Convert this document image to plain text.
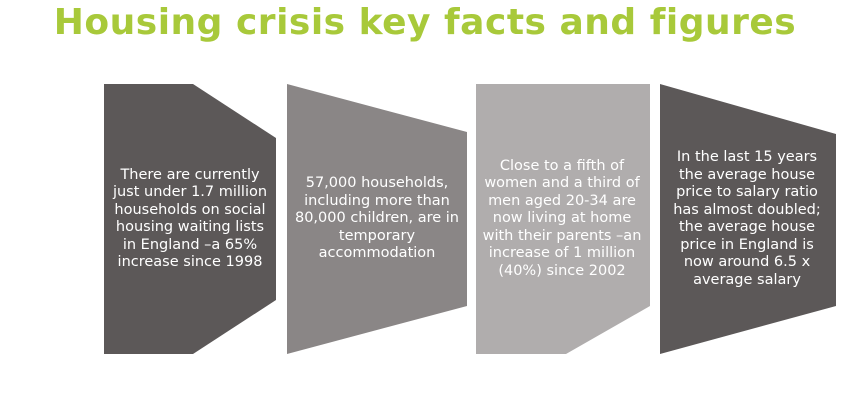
Housing crisis key facts and figures
There are currently just under 1.7 million households on social housing waiting lists in England –a 65% increase since 1998
57,000 households, including more than 80,000 children, are in temporary accommodation
Close to a fifth of women and a third of men aged 20‑34 are now living at home with their parents –an increase of 1 million (40%) since 2002
In the last 15 years the average house price to salary ratio has almost doubled; the average house price in England is now around 6.5 x average salary
